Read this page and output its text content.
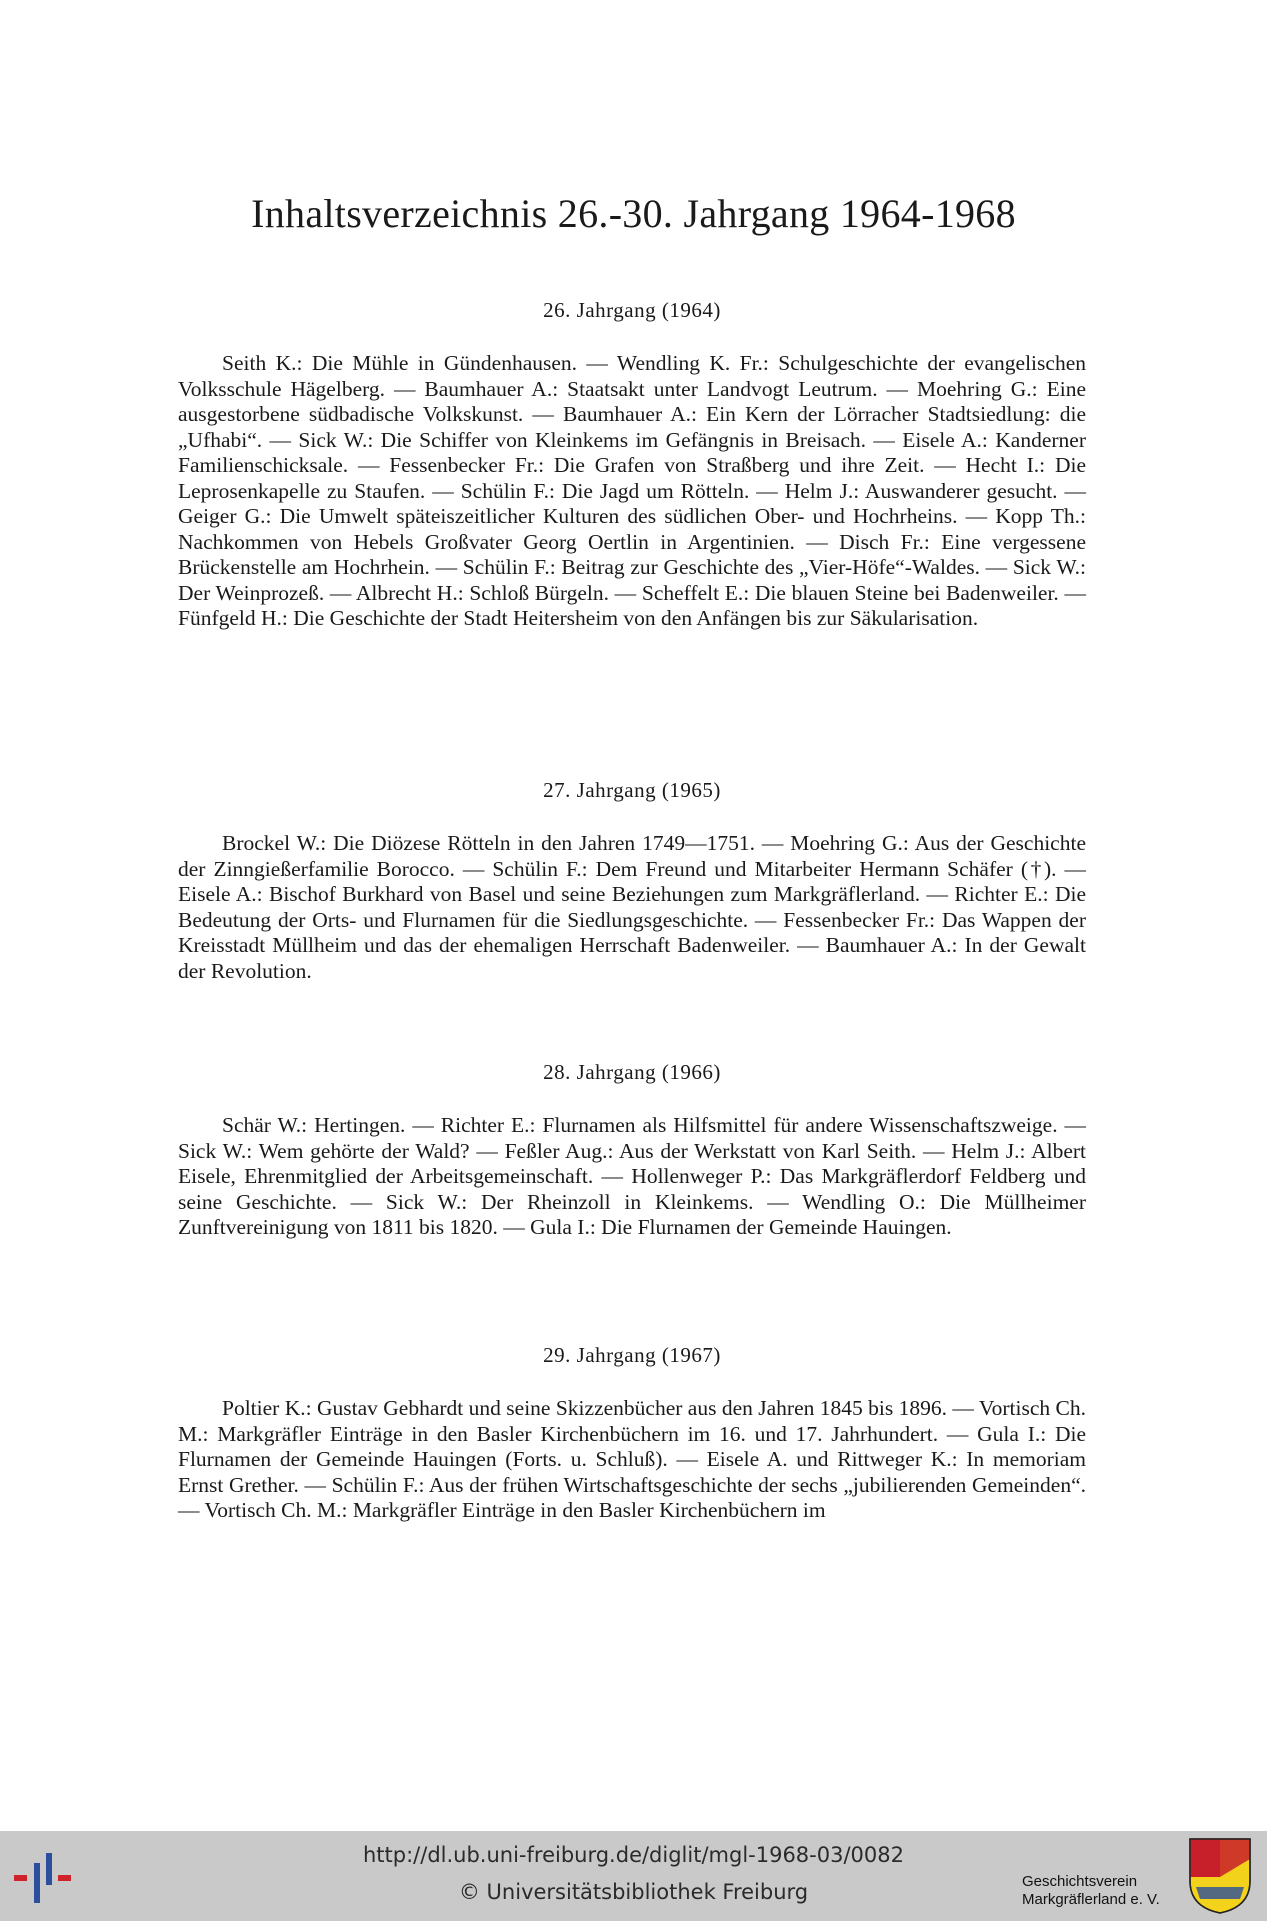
Inhaltsverzeichnis 26.-30. Jahrgang 1964-1968

26. Jahrgang (1964)

Seith K.: Die Mühle in Gündenhausen. — Wendling K. Fr.: Schulgeschichte der evangelischen Volksschule Hägelberg. — Baumhauer A.: Staatsakt unter Landvogt Leutrum. — Moehring G.: Eine ausgestorbene südbadische Volkskunst. — Baumhauer A.: Ein Kern der Lörracher Stadtsiedlung: die „Ufhabi“. — Sick W.: Die Schiffer von Kleinkems im Gefängnis in Breisach. — Eisele A.: Kanderner Familienschicksale. — Fessenbecker Fr.: Die Grafen von Straßberg und ihre Zeit. — Hecht I.: Die Leprosenkapelle zu Staufen. — Schülin F.: Die Jagd um Rötteln. — Helm J.: Auswanderer gesucht. — Geiger G.: Die Umwelt späteiszeitlicher Kulturen des südlichen Ober- und Hochrheins. — Kopp Th.: Nachkommen von Hebels Großvater Georg Oertlin in Argentinien. — Disch Fr.: Eine vergessene Brückenstelle am Hochrhein. — Schülin F.: Beitrag zur Geschichte des „Vier-Höfe“-Waldes. — Sick W.: Der Weinprozeß. — Albrecht H.: Schloß Bürgeln. — Scheffelt E.: Die blauen Steine bei Badenweiler. — Fünfgeld H.: Die Geschichte der Stadt Heitersheim von den Anfängen bis zur Säkularisation.

27. Jahrgang (1965)

Brockel W.: Die Diözese Rötteln in den Jahren 1749—1751. — Moehring G.: Aus der Geschichte der Zinngießerfamilie Borocco. — Schülin F.: Dem Freund und Mitarbeiter Hermann Schäfer (†). — Eisele A.: Bischof Burkhard von Basel und seine Beziehungen zum Markgräflerland. — Richter E.: Die Bedeutung der Orts- und Flurnamen für die Siedlungsgeschichte. — Fessenbecker Fr.: Das Wappen der Kreisstadt Müllheim und das der ehemaligen Herrschaft Badenweiler. — Baumhauer A.: In der Gewalt der Revolution.

28. Jahrgang (1966)

Schär W.: Hertingen. — Richter E.: Flurnamen als Hilfsmittel für andere Wissenschaftszweige. — Sick W.: Wem gehörte der Wald? — Feßler Aug.: Aus der Werkstatt von Karl Seith. — Helm J.: Albert Eisele, Ehrenmitglied der Arbeitsgemeinschaft. — Hollenweger P.: Das Markgräflerdorf Feldberg und seine Geschichte. — Sick W.: Der Rheinzoll in Kleinkems. — Wendling O.: Die Müllheimer Zunftvereinigung von 1811 bis 1820. — Gula I.: Die Flurnamen der Gemeinde Hauingen.

29. Jahrgang (1967)

Poltier K.: Gustav Gebhardt und seine Skizzenbücher aus den Jahren 1845 bis 1896. — Vortisch Ch. M.: Markgräfler Einträge in den Basler Kirchenbüchern im 16. und 17. Jahrhundert. — Gula I.: Die Flurnamen der Gemeinde Hauingen (Forts. u. Schluß). — Eisele A. und Rittweger K.: In memoriam Ernst Grether. — Schülin F.: Aus der frühen Wirtschaftsgeschichte der sechs „jubilierenden Gemeinden“. — Vortisch Ch. M.: Markgräfler Einträge in den Basler Kirchenbüchern im

http://dl.ub.uni-freiburg.de/diglit/mgl-1968-03/0082
© Universitätsbibliothek Freiburg	Geschichtsverein
Markgräflerland e. V.
